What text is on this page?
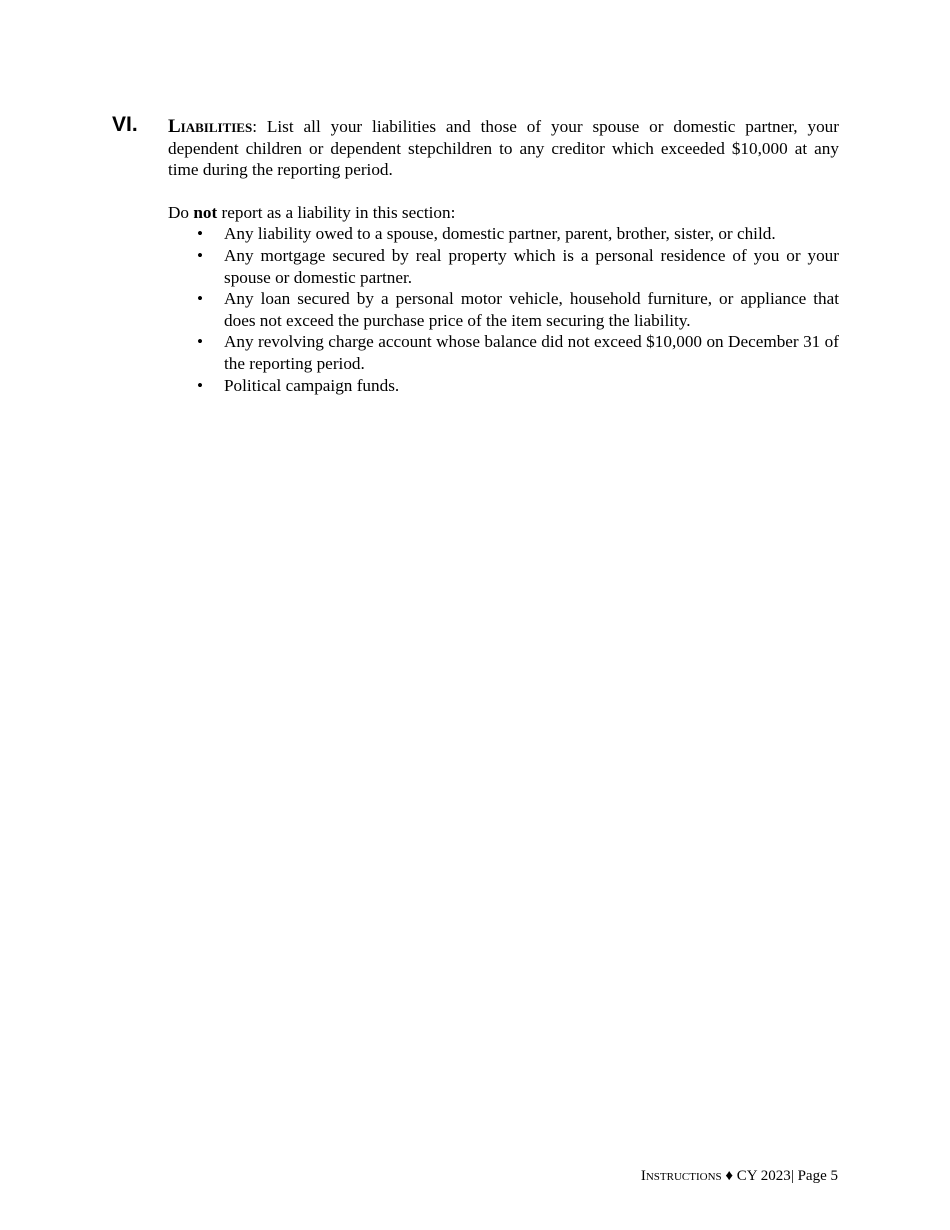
VI. Liabilities: List all your liabilities and those of your spouse or domestic partner, your dependent children or dependent stepchildren to any creditor which exceeded $10,000 at any time during the reporting period.

Do not report as a liability in this section:

• Any liability owed to a spouse, domestic partner, parent, brother, sister, or child.
• Any mortgage secured by real property which is a personal residence of you or your spouse or domestic partner.
• Any loan secured by a personal motor vehicle, household furniture, or appliance that does not exceed the purchase price of the item securing the liability.
• Any revolving charge account whose balance did not exceed $10,000 on December 31 of the reporting period.
• Political campaign funds.
Instructions ♦ CY 2023| Page 5
